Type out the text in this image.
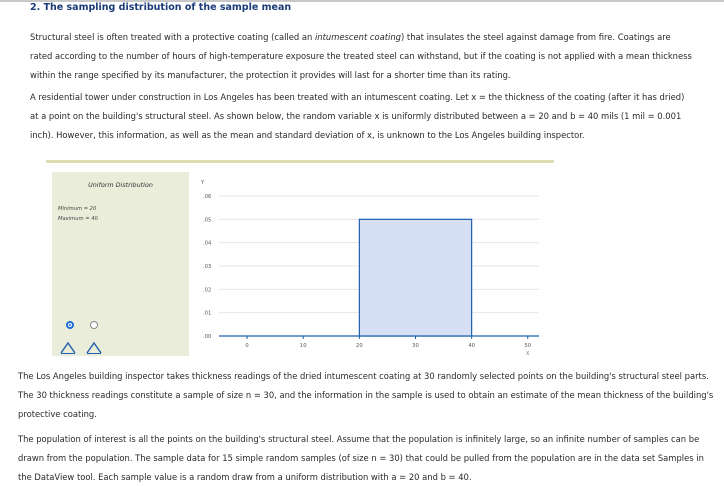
2. The sampling distribution of the sample mean
Structural steel is often treated with a protective coating (called an intumescent coating) that insulates the steel against damage from fire. Coatings are rated according to the number of hours of high-temperature exposure the treated steel can withstand, but if the coating is not applied with a mean thickness within the range specified by its manufacturer, the protection it provides will last for a shorter time than its rating.
A residential tower under construction in Los Angeles has been treated with an intumescent coating. Let x = the thickness of the coating (after it has dried) at a point on the building's structural steel. As shown below, the random variable x is uniformly distributed between a = 20 and b = 40 mils (1 mil = 0.001 inch). However, this information, as well as the mean and standard deviation of x, is unknown to the Los Angeles building inspector.
Uniform Distribution
Minimum = 20
Maximum = 40
.00
.01
.02
.03
.04
.05
.06
Y
0	10	20	30	40	50
X
The Los Angeles building inspector takes thickness readings of the dried intumescent coating at 30 randomly selected points on the building's structural steel parts. The 30 thickness readings constitute a sample of size n = 30, and the information in the sample is used to obtain an estimate of the mean thickness of the building's protective coating.
The population of interest is all the points on the building's structural steel. Assume that the population is infinitely large, so an infinite number of samples can be drawn from the population. The sample data for 15 simple random samples (of size n = 30) that could be pulled from the population are in the data set Samples in the DataView tool. Each sample value is a random draw from a uniform distribution with a = 20 and b = 40.
